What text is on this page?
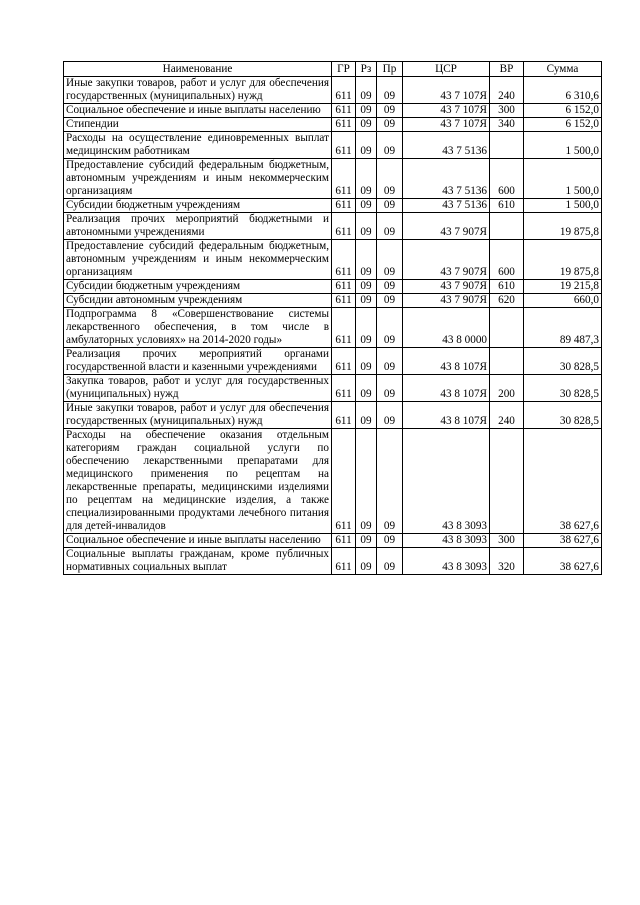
Наименование	ГР	Рз	Пр	ЦСР	ВР	Сумма
Иные закупки товаров, работ и услуг для обеспечения государственных (муниципальных) нужд	611	09	09	43 7 107Я	240	6 310,6
Социальное обеспечение и иные выплаты населению	611	09	09	43 7 107Я	300	6 152,0
Стипендии	611	09	09	43 7 107Я	340	6 152,0
Расходы на осуществление единовременных выплат медицинским работникам	611	09	09	43 7 5136		1 500,0
Предоставление субсидий федеральным бюджетным, автономным учреждениям и иным некоммерческим организациям	611	09	09	43 7 5136	600	1 500,0
Субсидии бюджетным учреждениям	611	09	09	43 7 5136	610	1 500,0
Реализация прочих мероприятий бюджетными и автономными учреждениями	611	09	09	43 7 907Я		19 875,8
Предоставление субсидий федеральным бюджетным, автономным учреждениям и иным некоммерческим организациям	611	09	09	43 7 907Я	600	19 875,8
Субсидии бюджетным учреждениям	611	09	09	43 7 907Я	610	19 215,8
Субсидии автономным учреждениям	611	09	09	43 7 907Я	620	660,0
Подпрограмма 8 «Совершенствование системы лекарственного обеспечения, в том числе в амбулаторных условиях» на 2014-2020 годы»	611	09	09	43 8 0000		89 487,3
Реализация прочих мероприятий органами государственной власти и казенными учреждениями	611	09	09	43 8 107Я		30 828,5
Закупка товаров, работ и услуг для государственных (муниципальных) нужд	611	09	09	43 8 107Я	200	30 828,5
Иные закупки товаров, работ и услуг для обеспечения государственных (муниципальных) нужд	611	09	09	43 8 107Я	240	30 828,5
Расходы на обеспечение оказания отдельным категориям граждан социальной услуги по обеспечению лекарственными препаратами для медицинского применения по рецептам на лекарственные препараты, медицинскими изделиями по рецептам на медицинские изделия, а также специализированными продуктами лечебного питания для детей-инвалидов	611	09	09	43 8 3093		38 627,6
Социальное обеспечение и иные выплаты населению	611	09	09	43 8 3093	300	38 627,6
Социальные выплаты гражданам, кроме публичных нормативных социальных выплат	611	09	09	43 8 3093	320	38 627,6
